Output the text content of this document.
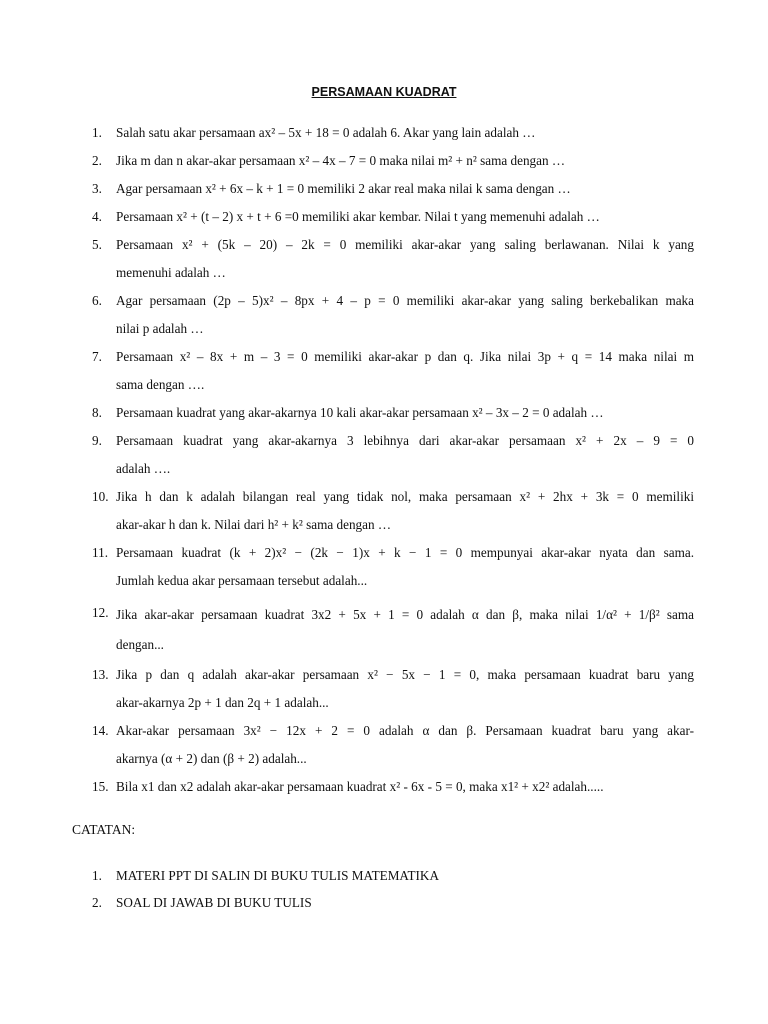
PERSAMAAN KUADRAT
1.	Salah satu akar persamaan ax² – 5x + 18 = 0 adalah 6. Akar yang lain adalah …
2.	Jika m dan n akar-akar persamaan x² – 4x – 7 = 0 maka nilai m² + n² sama dengan …
3.	Agar persamaan x² + 6x – k + 1 = 0 memiliki 2 akar real maka nilai k sama dengan …
4.	Persamaan x² + (t – 2) x + t + 6 =0 memiliki akar kembar. Nilai t yang memenuhi adalah …
5.	Persamaan x² + (5k – 20) – 2k = 0 memiliki akar-akar yang saling berlawanan. Nilai k yang
memenuhi adalah …
6.	Agar persamaan (2p – 5)x² – 8px + 4 – p = 0 memiliki akar-akar yang saling berkebalikan maka
nilai p adalah …
7.	Persamaan x² – 8x + m – 3 = 0 memiliki akar-akar p dan q. Jika nilai 3p + q = 14 maka nilai m
sama dengan ….
8.	Persamaan kuadrat yang akar-akarnya 10 kali akar-akar persamaan x² – 3x – 2 = 0 adalah …
9.	Persamaan kuadrat yang akar-akarnya 3 lebihnya dari akar-akar persamaan x² + 2x – 9 = 0
adalah ….
10. Jika h dan k adalah bilangan real yang tidak nol, maka persamaan x² + 2hx + 3k = 0 memiliki
akar-akar h dan k. Nilai dari h² + k² sama dengan …
11. Persamaan kuadrat (k + 2)x² − (2k − 1)x + k − 1 = 0 mempunyai akar-akar nyata dan sama.
Jumlah kedua akar persamaan tersebut adalah...
12. Jika akar-akar persamaan kuadrat 3x2 + 5x + 1 = 0 adalah α dan β, maka nilai 1/α² + 1/β² sama
dengan...
13. Jika p dan q adalah akar-akar persamaan x² − 5x − 1 = 0, maka persamaan kuadrat baru yang
akar-akarnya 2p + 1 dan 2q + 1 adalah...
14. Akar-akar persamaan 3x² − 12x + 2 = 0 adalah α dan β. Persamaan kuadrat baru yang akar-
akarnya (α + 2) dan (β + 2) adalah...
15. Bila x1 dan x2 adalah akar-akar persamaan kuadrat x² - 6x - 5 = 0, maka x1² + x2² adalah.....
CATATAN:
1. MATERI PPT DI SALIN DI BUKU TULIS MATEMATIKA
2. SOAL DI JAWAB DI BUKU TULIS
